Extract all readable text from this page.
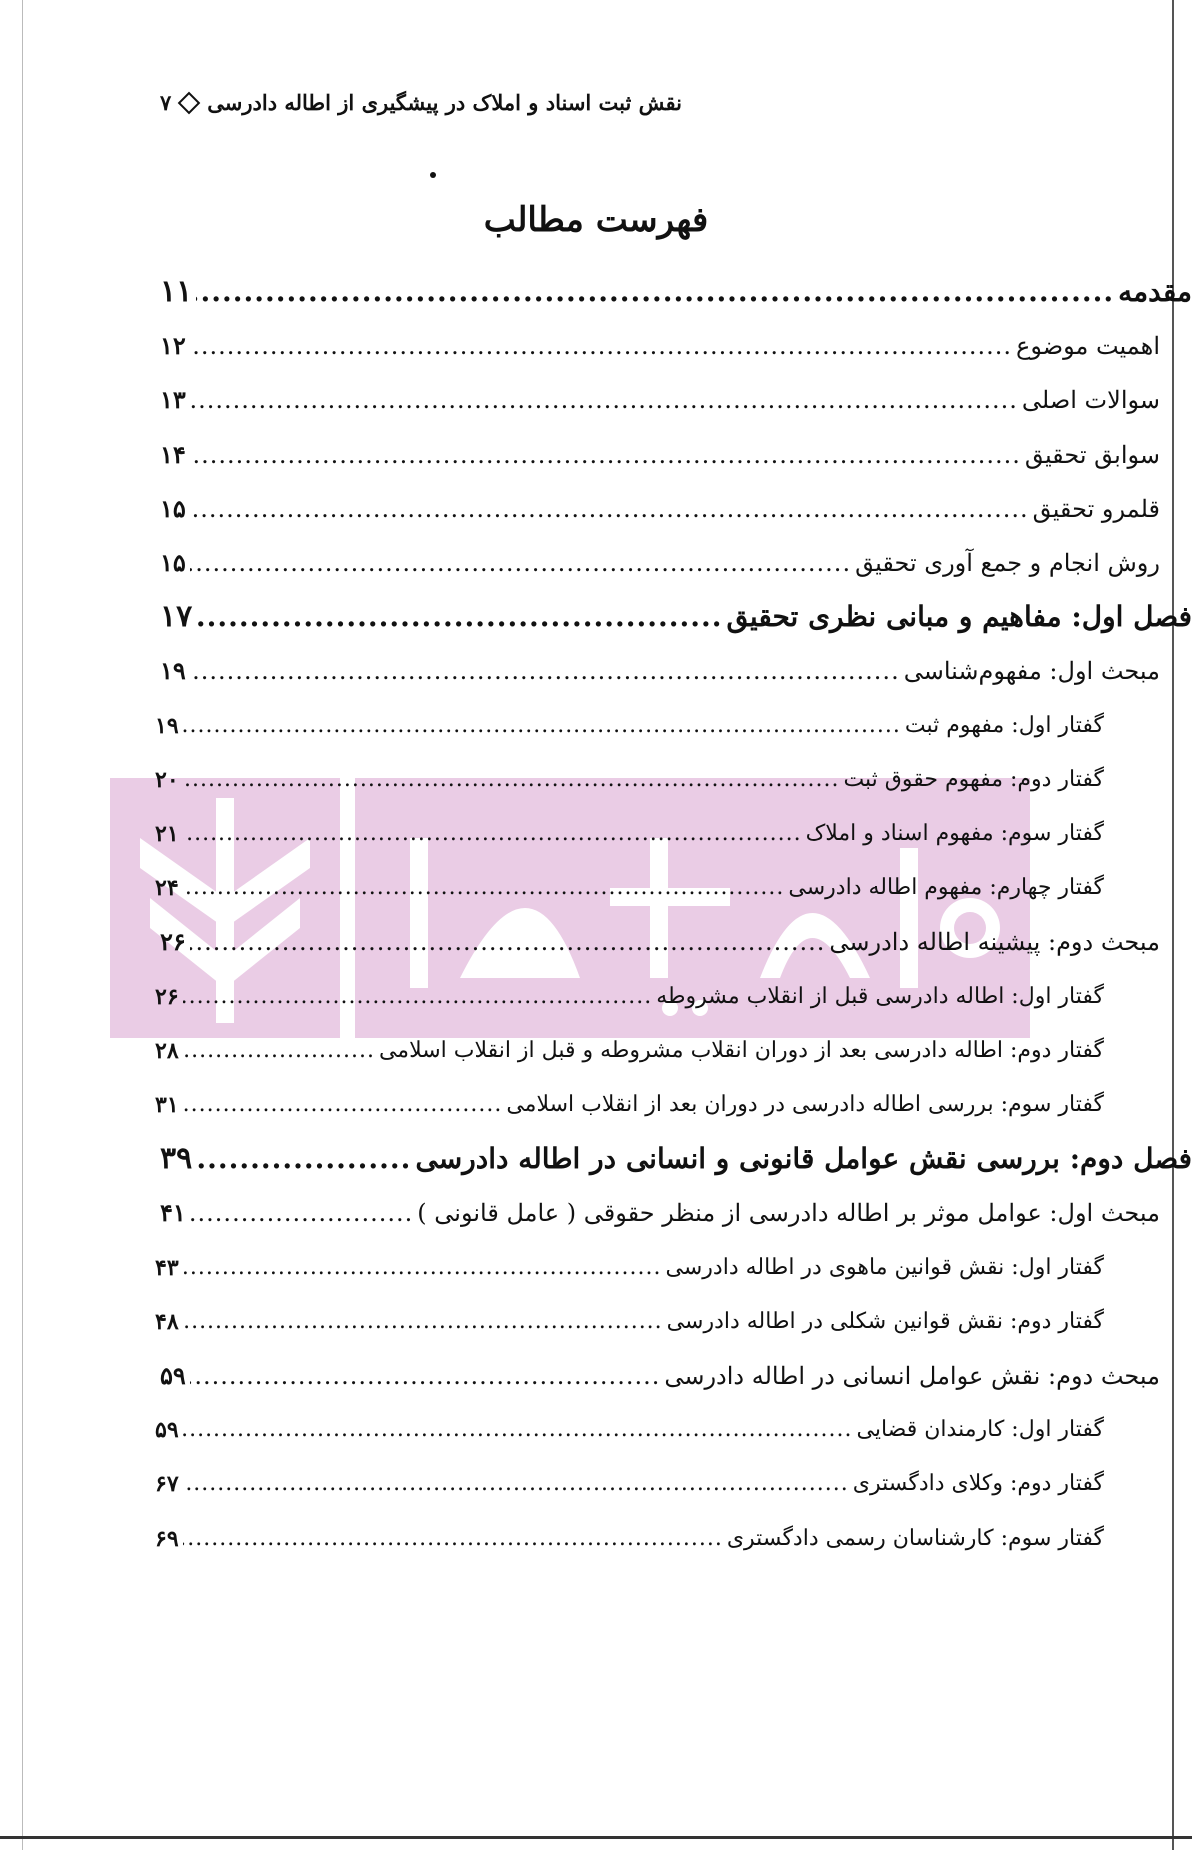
نقش ثبت اسناد و املاک در پیشگیری از اطاله دادرسی
۷
فهرست مطالب
مقدمه
.....
۱۱
اهمیت موضوع
.....
۱۲
سوالات اصلی
.....
۱۳
سوابق تحقیق
.....
۱۴
قلمرو تحقیق
.....
۱۵
روش انجام و جمع آوری تحقیق
.....
۱۵
فصل اول: مفاهیم و مبانی نظری تحقیق
.....
۱۷
مبحث اول: مفهوم‌شناسی
.....
۱۹
گفتار اول: مفهوم ثبت
.....
۱۹
گفتار دوم: مفهوم حقوق ثبت
.....
۲۰
گفتار سوم: مفهوم اسناد و املاک
.....
۲۱
گفتار چهارم: مفهوم اطاله دادرسی
.....
۲۴
مبحث دوم: پیشینه اطاله دادرسی
.....
۲۶
گفتار اول: اطاله دادرسی قبل از انقلاب مشروطه
.....
۲۶
گفتار دوم: اطاله دادرسی بعد از دوران انقلاب مشروطه و قبل از انقلاب اسلامی
.....
۲۸
گفتار سوم: بررسی اطاله دادرسی در دوران بعد از انقلاب اسلامی
.....
۳۱
فصل دوم: بررسی نقش عوامل قانونی و انسانی در اطاله دادرسی
.....
۳۹
مبحث اول: عوامل موثر بر اطاله دادرسی از منظر حقوقی ( عامل قانونی )
.....
۴۱
گفتار اول: نقش قوانین ماهوی در اطاله دادرسی
.....
۴۳
گفتار دوم: نقش قوانین شکلی در اطاله دادرسی
.....
۴۸
مبحث دوم: نقش عوامل انسانی در اطاله دادرسی
.....
۵۹
گفتار اول: کارمندان قضایی
.....
۵۹
گفتار دوم: وکلای دادگستری
.....
۶۷
گفتار سوم: کارشناسان رسمی دادگستری
.....
۶۹
